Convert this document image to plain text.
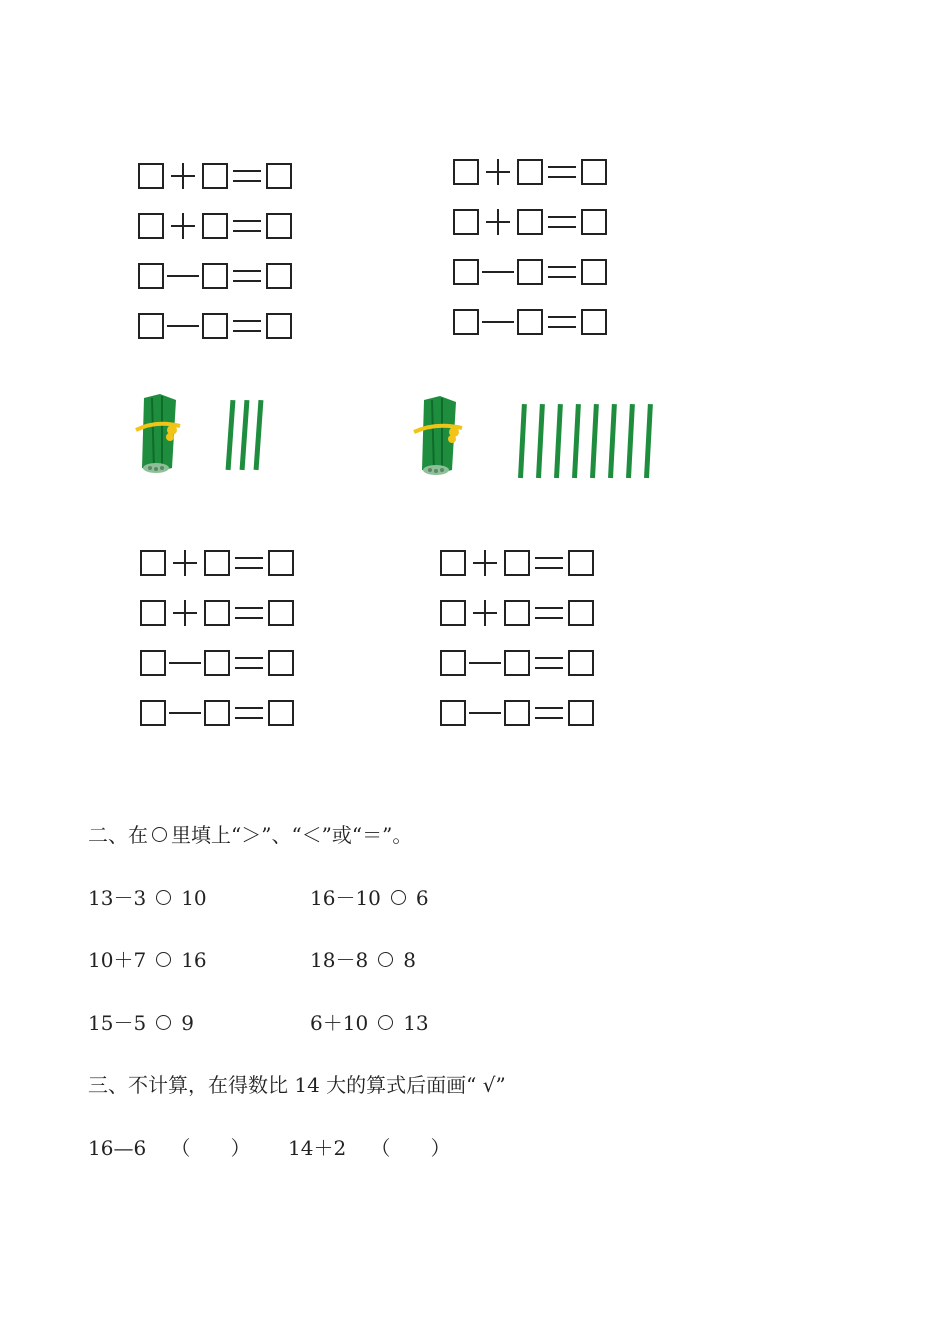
二、在 里填上“＞”、“＜”或“＝”。
13－3 10	16－10 6
10＋7 16	18－8 8
15－5 9	6＋10 13
三、不计算，在得数比 14 大的算式后面画“ √”
16—6 （　　） 14＋2 （　　）
